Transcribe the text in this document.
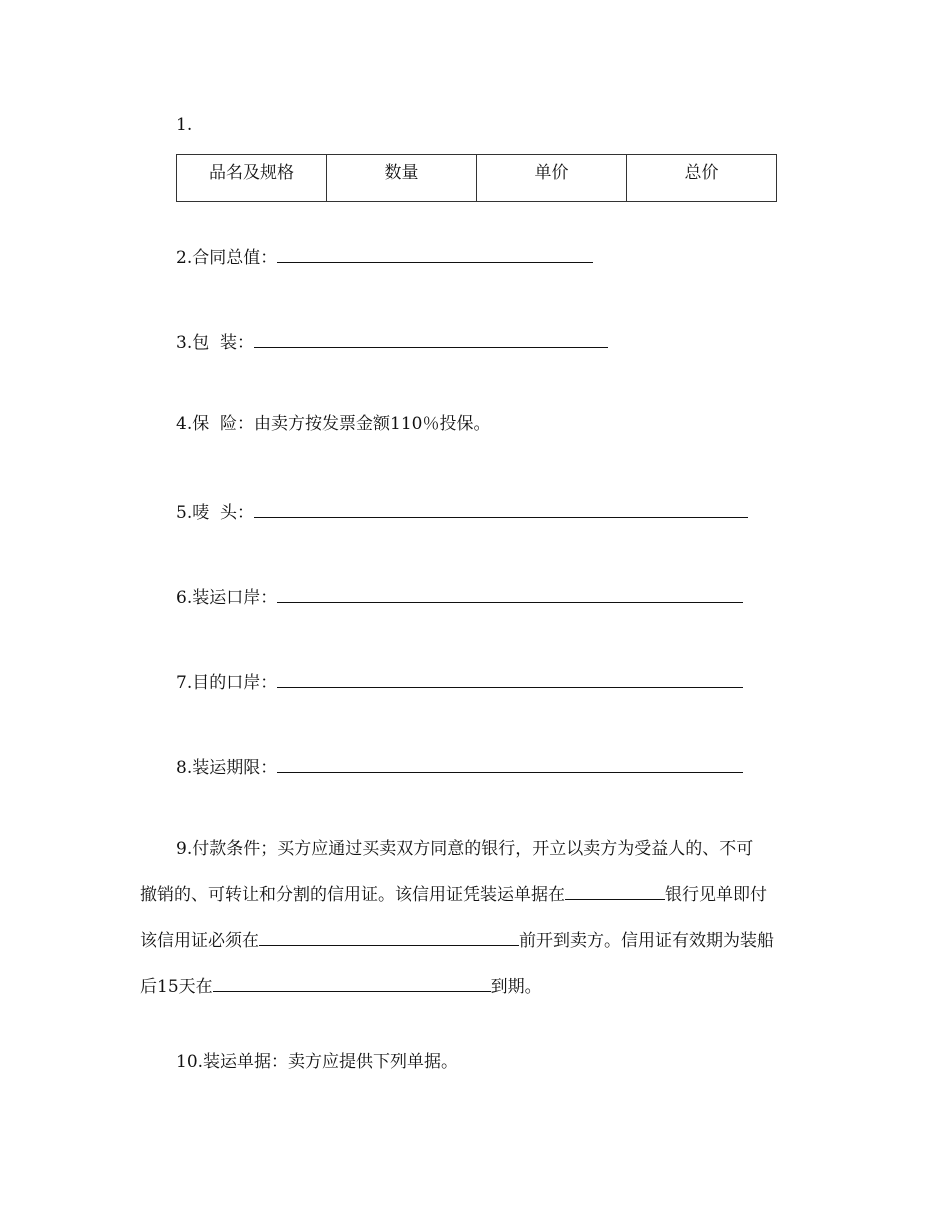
1.
品名及规格	数量	单价	总价
2.合同总值：
3.包  装：
4.保  险：由卖方按发票金额110％投保。
5.唛  头：
6.装运口岸：
7.目的口岸：
8.装运期限：
9.付款条件；买方应通过买卖双方同意的银行，开立以卖方为受益人的、不可
撤销的、可转让和分割的信用证。该信用证凭装运单据在	银行见单即付
该信用证必须在	前开到卖方。信用证有效期为装船
后15天在	到期。
10.装运单据：卖方应提供下列单据。
